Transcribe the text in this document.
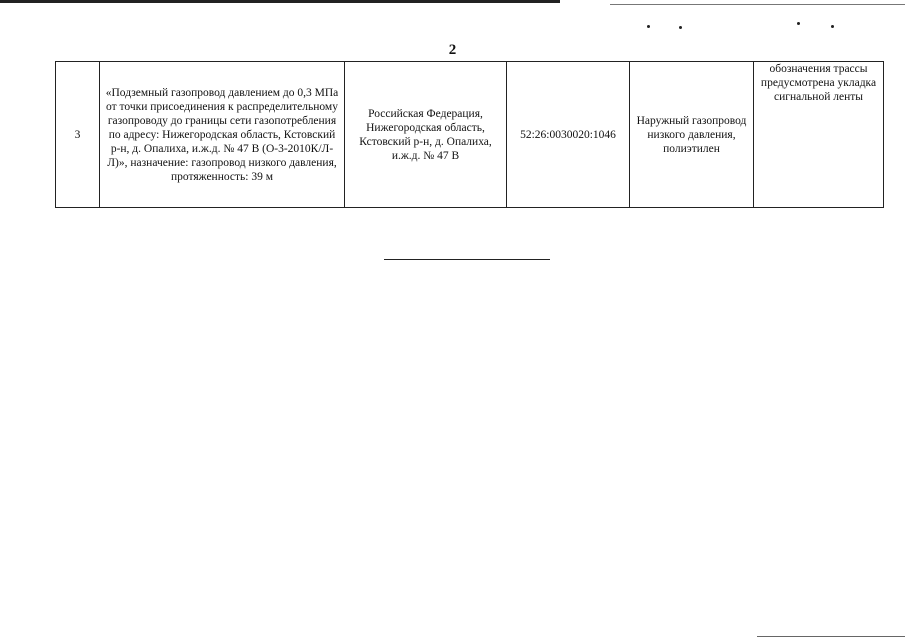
2
3	«Подземный газопровод давлением до 0,3 МПа от точки присоединения к распределительному газопроводу до границы сети газопотребления по адресу: Нижегородская область, Кстовский р-н, д. Опалиха, и.ж.д. № 47 В (О-3-2010К/Л-Л)», назначение: газопровод низкого давления, протяженность: 39 м	Российская Федерация, Нижегородская область, Кстовский р-н, д. Опалиха, и.ж.д. № 47 В	52:26:0030020:1046	Наружный газопровод низкого давления, полиэтилен	обозначения трассы предусмотрена укладка сигнальной ленты
